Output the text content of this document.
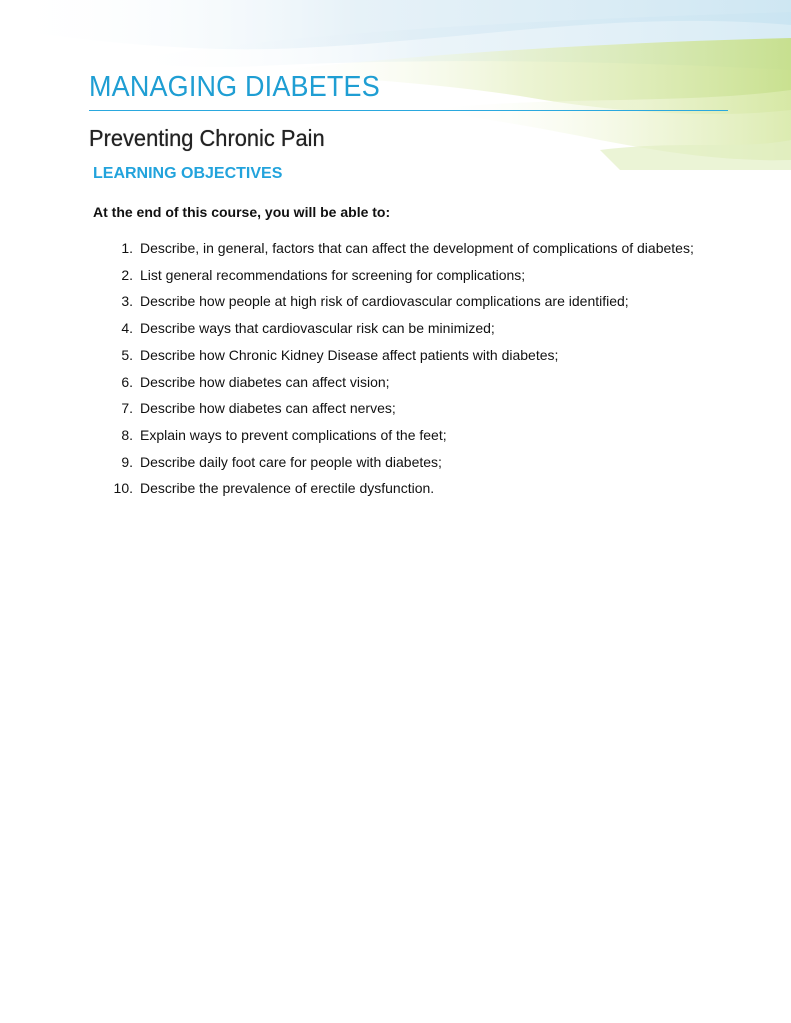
MANAGING DIABETES
Preventing Chronic Pain
LEARNING OBJECTIVES

At the end of this course, you will be able to:

1. Describe, in general, factors that can affect the development of complications of diabetes;
2. List general recommendations for screening for complications;
3. Describe how people at high risk of cardiovascular complications are identified;
4. Describe ways that cardiovascular risk can be minimized;
5. Describe how Chronic Kidney Disease affect patients with diabetes;
6. Describe how diabetes can affect vision;
7. Describe how diabetes can affect nerves;
8. Explain ways to prevent complications of the feet;
9. Describe daily foot care for people with diabetes;
10. Describe the prevalence of erectile dysfunction.
